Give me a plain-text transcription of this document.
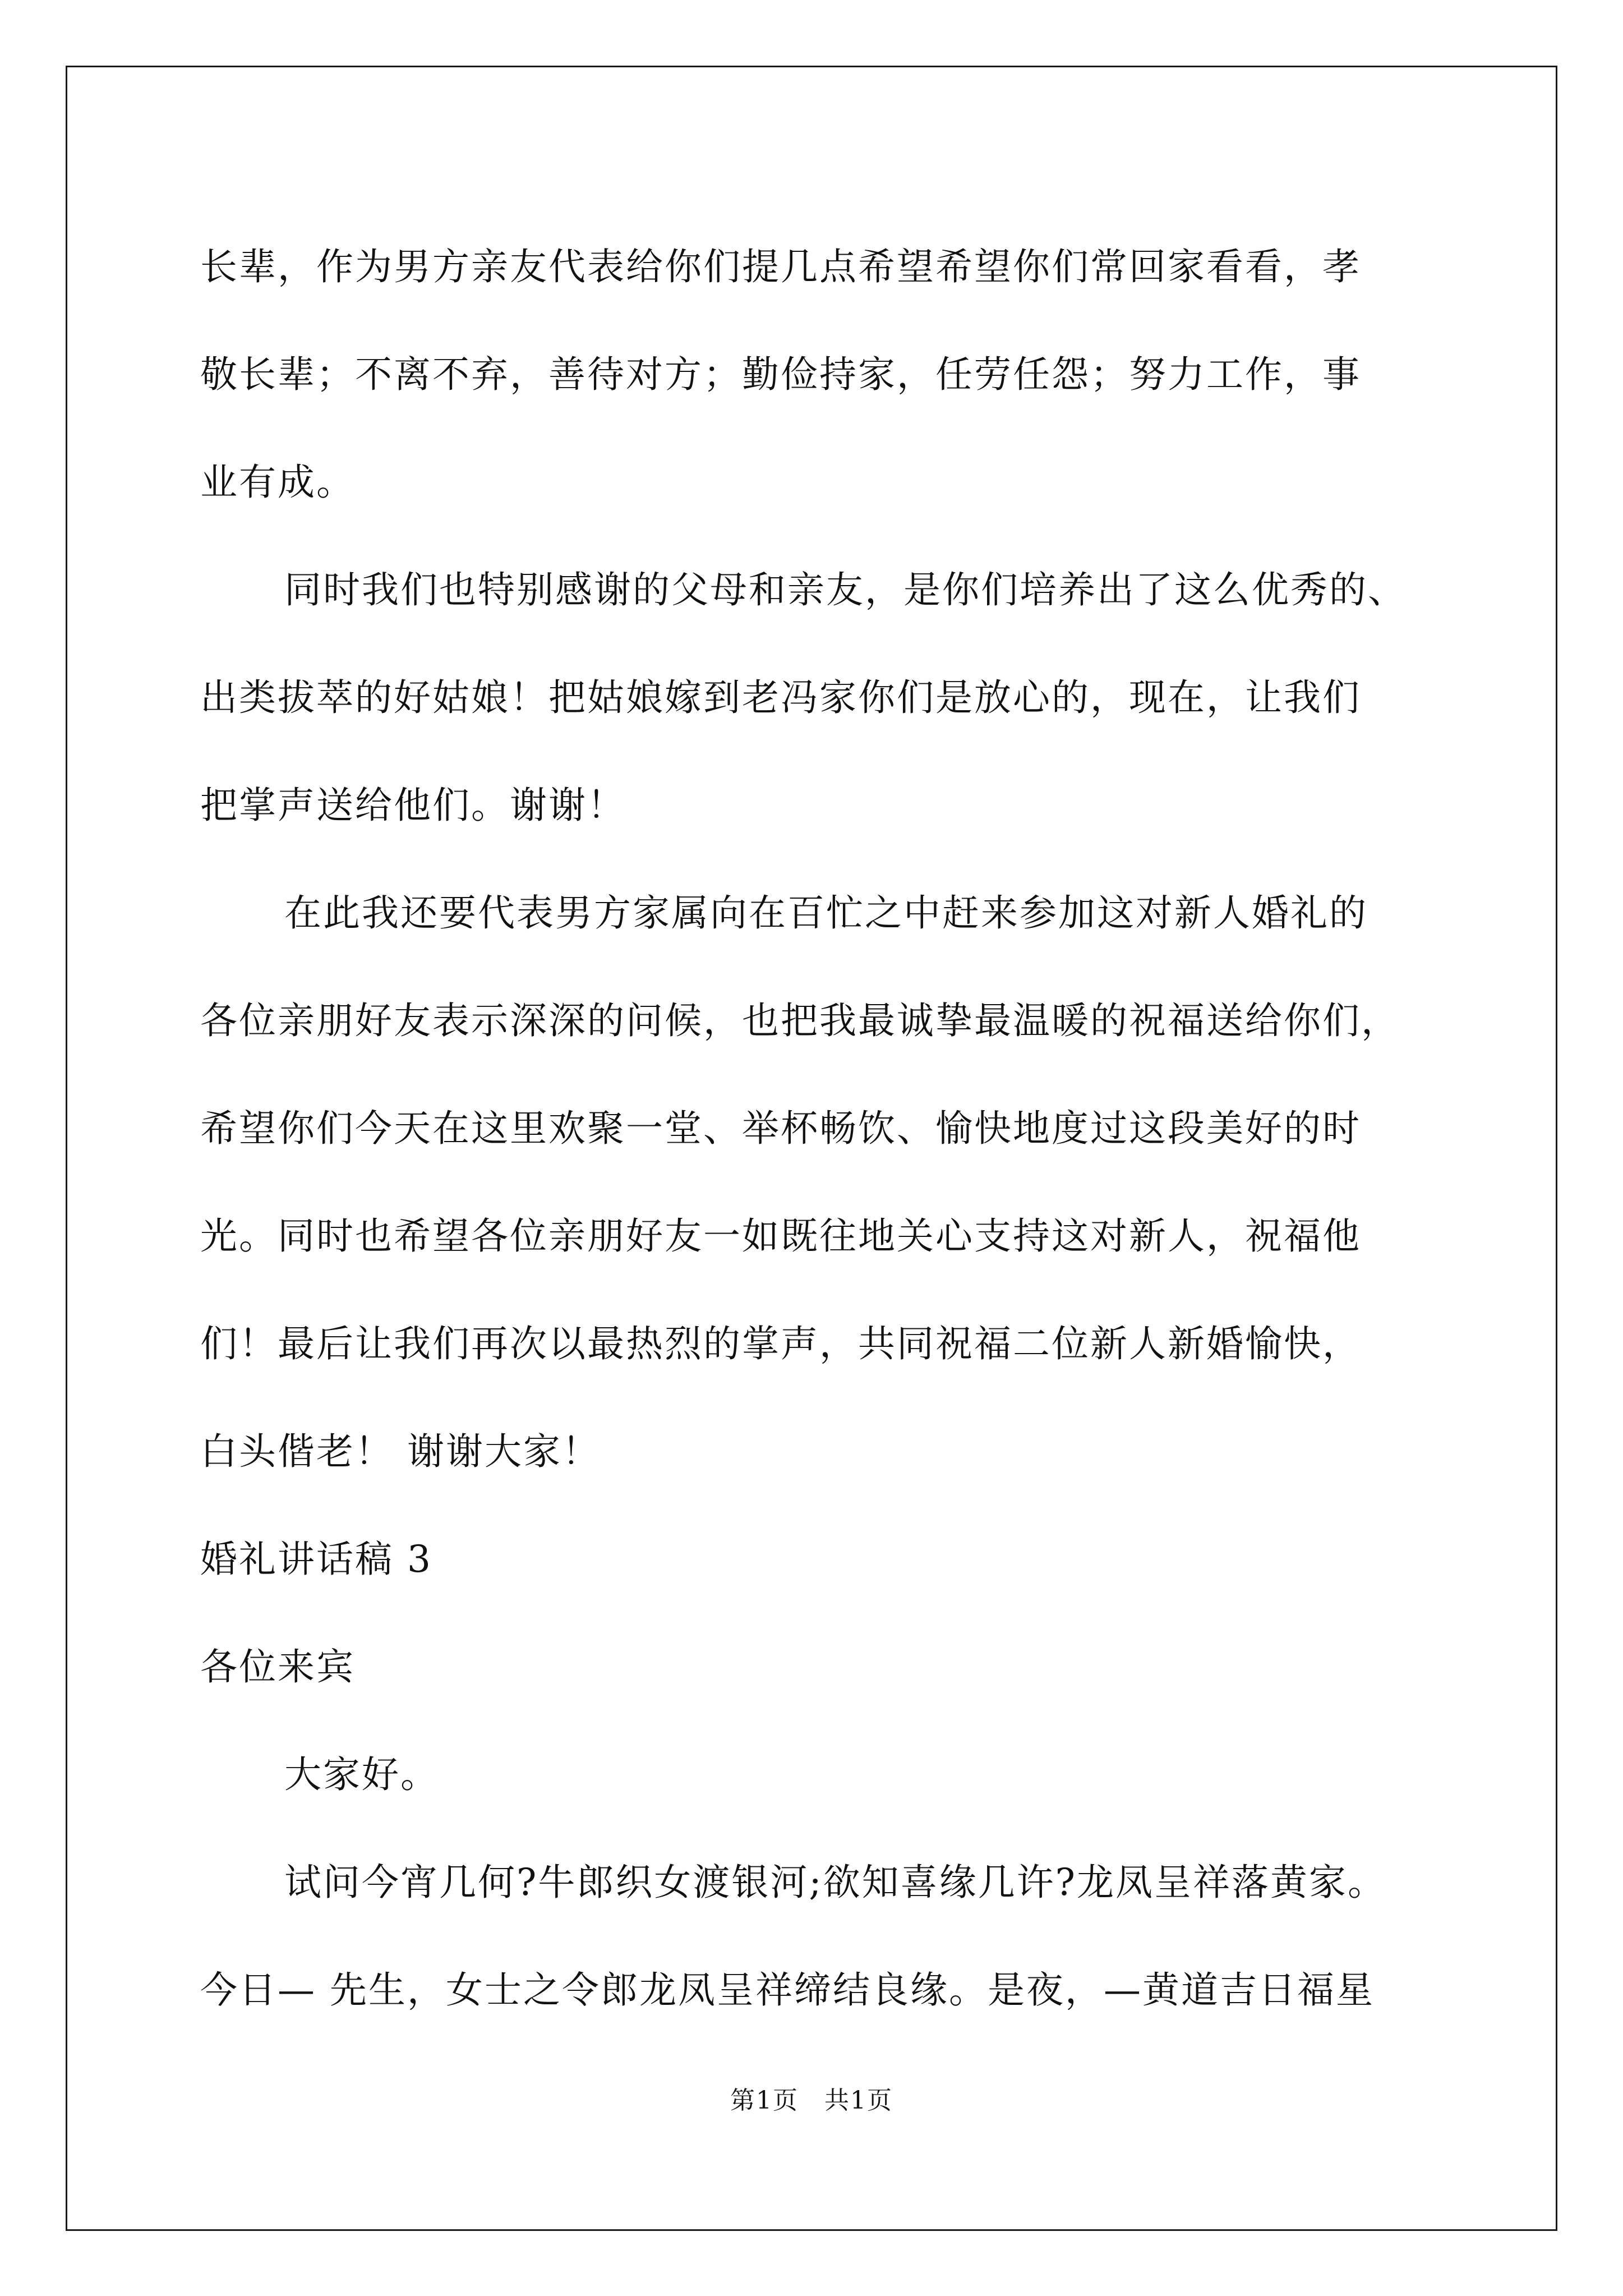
长辈，作为男方亲友代表给你们提几点希望希望你们常回家看看，孝
敬长辈；不离不弃，善待对方；勤俭持家，任劳任怨；努力工作，事
业有成。
同时我们也特别感谢的父母和亲友，是你们培养出了这么优秀的、
出类拔萃的好姑娘！把姑娘嫁到老冯家你们是放心的，现在，让我们
把掌声送给他们。谢谢！
在此我还要代表男方家属向在百忙之中赶来参加这对新人婚礼的
各位亲朋好友表示深深的问候，也把我最诚挚最温暖的祝福送给你们，
希望你们今天在这里欢聚一堂、举杯畅饮、愉快地度过这段美好的时
光。同时也希望各位亲朋好友一如既往地关心支持这对新人，祝福他
们！最后让我们再次以最热烈的掌声，共同祝福二位新人新婚愉快，
白头偕老！ 谢谢大家！
婚礼讲话稿 3
各位来宾
大家好。
试问今宵几何?牛郎织女渡银河;欲知喜缘几许?龙凤呈祥落黄家。
今日— 先生，女士之令郎龙凤呈祥缔结良缘。是夜，—黄道吉日福星
第1页　共1页
